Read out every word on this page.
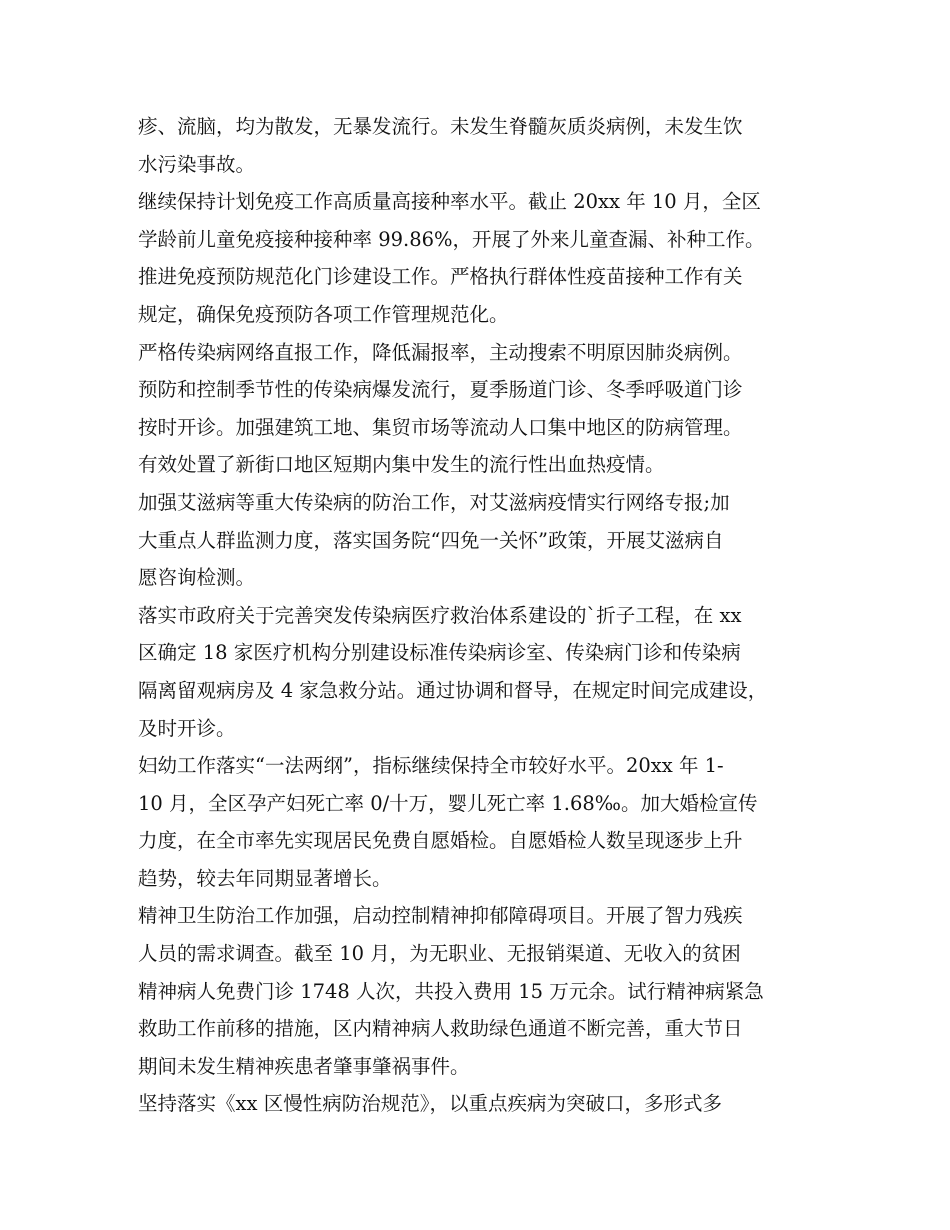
疹、流脑，均为散发，无暴发流行。未发生脊髓灰质炎病例，未发生饮
水污染事故。
继续保持计划免疫工作高质量高接种率水平。截止 20xx 年 10 月，全区
学龄前儿童免疫接种接种率 99.86%，开展了外来儿童查漏、补种工作。
推进免疫预防规范化门诊建设工作。严格执行群体性疫苗接种工作有关
规定，确保免疫预防各项工作管理规范化。
严格传染病网络直报工作，降低漏报率，主动搜索不明原因肺炎病例。
预防和控制季节性的传染病爆发流行，夏季肠道门诊、冬季呼吸道门诊
按时开诊。加强建筑工地、集贸市场等流动人口集中地区的防病管理。
有效处置了新街口地区短期内集中发生的流行性出血热疫情。
加强艾滋病等重大传染病的防治工作，对艾滋病疫情实行网络专报;加
大重点人群监测力度，落实国务院“四免一关怀”政策，开展艾滋病自
愿咨询检测。
落实市政府关于完善突发传染病医疗救治体系建设的`折子工程，在 xx
区确定 18 家医疗机构分别建设标准传染病诊室、传染病门诊和传染病
隔离留观病房及 4 家急救分站。通过协调和督导，在规定时间完成建设，
及时开诊。
妇幼工作落实“一法两纲”，指标继续保持全市较好水平。20xx 年 1-
10 月，全区孕产妇死亡率 0/十万，婴儿死亡率 1.68‰。加大婚检宣传
力度，在全市率先实现居民免费自愿婚检。自愿婚检人数呈现逐步上升
趋势，较去年同期显著增长。
精神卫生防治工作加强，启动控制精神抑郁障碍项目。开展了智力残疾
人员的需求调查。截至 10 月，为无职业、无报销渠道、无收入的贫困
精神病人免费门诊 1748 人次，共投入费用 15 万元余。试行精神病紧急
救助工作前移的措施，区内精神病人救助绿色通道不断完善，重大节日
期间未发生精神疾患者肇事肇祸事件。
坚持落实《xx 区慢性病防治规范》，以重点疾病为突破口，多形式多
